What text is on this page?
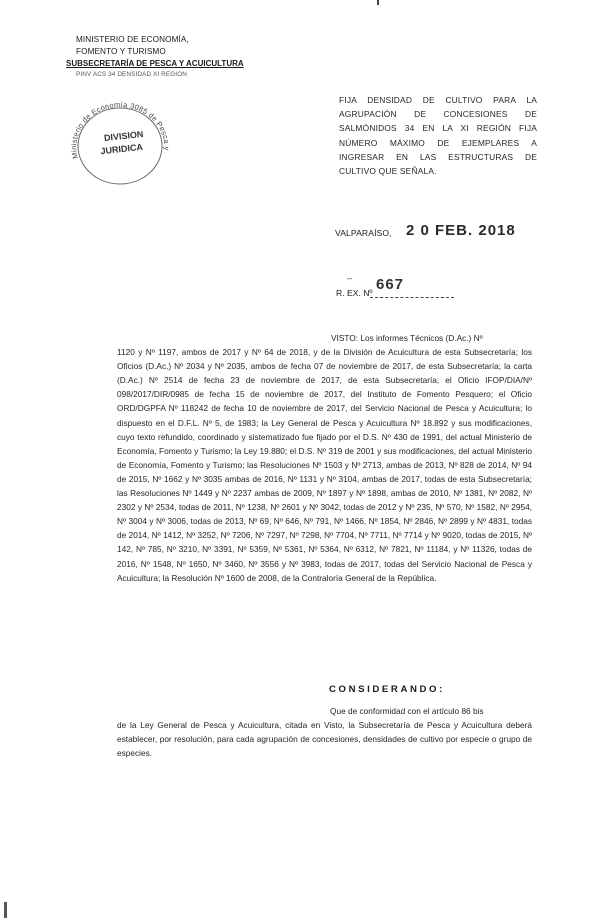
MINISTERIO DE ECONOMÍA,
FOMENTO Y TURISMO
SUBSECRETARÍA DE PESCA Y ACUICULTURA
PINV ACS 34 DENSIDAD XI REGION
Ministerio de Economía 3085 de Pesca y
DIVISION
JURIDICA
FIJA DENSIDAD DE CULTIVO PARA LA AGRUPACIÓN DE CONCESIONES DE SALMÓNIDOS 34 EN LA XI REGIÓN FIJA NÚMERO MÁXIMO DE EJEMPLARES A INGRESAR EN LAS ESTRUCTURAS DE CULTIVO QUE SEÑALA.
VALPARAÍSO, 2 0 FEB. 2018
–
R. EX. Nº 667
VISTO: Los informes Técnicos (D.Ac.) Nº
1120 y Nº 1197, ambos de 2017 y Nº 64 de 2018, y de la División de Acuicultura de esta Subsecretaría; los Oficios (D.Ac.) Nº 2034 y Nº 2035, ambos de fecha 07 de noviembre de 2017, de esta Subsecretaría; la carta (D.Ac.) Nº 2514 de fecha 23 de noviembre de 2017, de esta Subsecretaría; el Oficio IFOP/DIA/Nº 098/2017/DIR/0985 de fecha 15 de noviembre de 2017, del Instituto de Fomento Pesquero; el Oficio ORD/DGPFA Nº 118242 de fecha 10 de noviembre de 2017, del Servicio Nacional de Pesca y Acuicultura; lo dispuesto en el D.F.L. Nº 5, de 1983; la Ley General de Pesca y Acuicultura Nº 18.892 y sus modificaciones, cuyo texto refundido, coordinado y sistematizado fue fijado por el D.S. Nº 430 de 1991, del actual Ministerio de Economía, Fomento y Turismo; la Ley 19.880; el D.S. Nº 319 de 2001 y sus modificaciones, del actual Ministerio de Economía, Fomento y Turismo; las Resoluciones Nº 1503 y Nº 2713, ambas de 2013, Nº 828 de 2014, Nº 94 de 2015, Nº 1662 y Nº 3035 ambas de 2016, Nº 1131 y Nº 3104, ambas de 2017, todas de esta Subsecretaría; las Resoluciones Nº 1449 y Nº 2237 ambas de 2009, Nº 1897 y Nº 1898, ambas de 2010, Nº 1381, Nº 2082, Nº 2302 y Nº 2534, todas de 2011, Nº 1238, Nº 2601 y Nº 3042, todas de 2012 y Nº 235, Nº 570, Nº 1582, Nº 2954, Nº 3004 y Nº 3006, todas de 2013, Nº 69, Nº 646, Nº 791, Nº 1466, Nº 1854, Nº 2846, Nº 2899 y Nº 4831, todas de 2014, Nº 1412, Nº 3252, Nº 7206, Nº 7297, Nº 7298, Nº 7704, Nº 7711, Nº 7714 y Nº 9020, todas de 2015, Nº 142, Nº 785, Nº 3210, Nº 3391, Nº 5359, Nº 5361, Nº 5364, Nº 6312, Nº 7821, Nº 11184, y Nº 11326, todas de 2016, Nº 1548, Nº 1650, Nº 3460, Nº 3556 y Nº 3983, todas de 2017, todas del Servicio Nacional de Pesca y Acuicultura; la Resolución Nº 1600 de 2008, de la Contraloría General de la República.
CONSIDERANDO:
Que de conformidad con el artículo 86 bis
de la Ley General de Pesca y Acuicultura, citada en Visto, la Subsecretaría de Pesca y Acuicultura deberá establecer, por resolución, para cada agrupación de concesiones, densidades de cultivo por especie o grupo de especies.
